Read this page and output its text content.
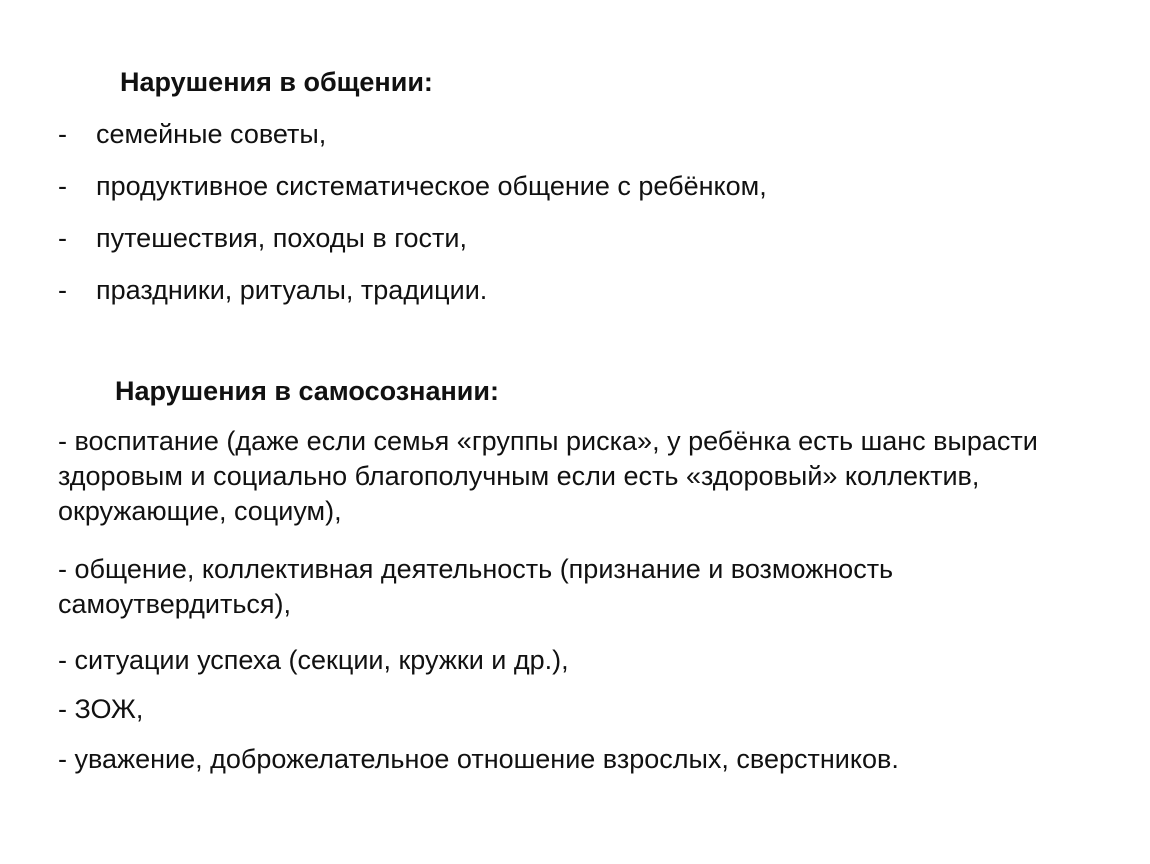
Нарушения в общении:
- семейные советы,
- продуктивное систематическое общение с ребёнком,
- путешествия, походы в гости,
- праздники, ритуалы, традиции.
Нарушения в самосознании:

- воспитание (даже если семья «группы риска», у ребёнка есть шанс вырасти здоровым и социально благополучным если есть «здоровый» коллектив, окружающие, социум),

- общение, коллективная деятельность (признание и возможность самоутвердиться),

- ситуации успеха (секции, кружки и др.),

- ЗОЖ,

- уважение, доброжелательное отношение взрослых, сверстников.
